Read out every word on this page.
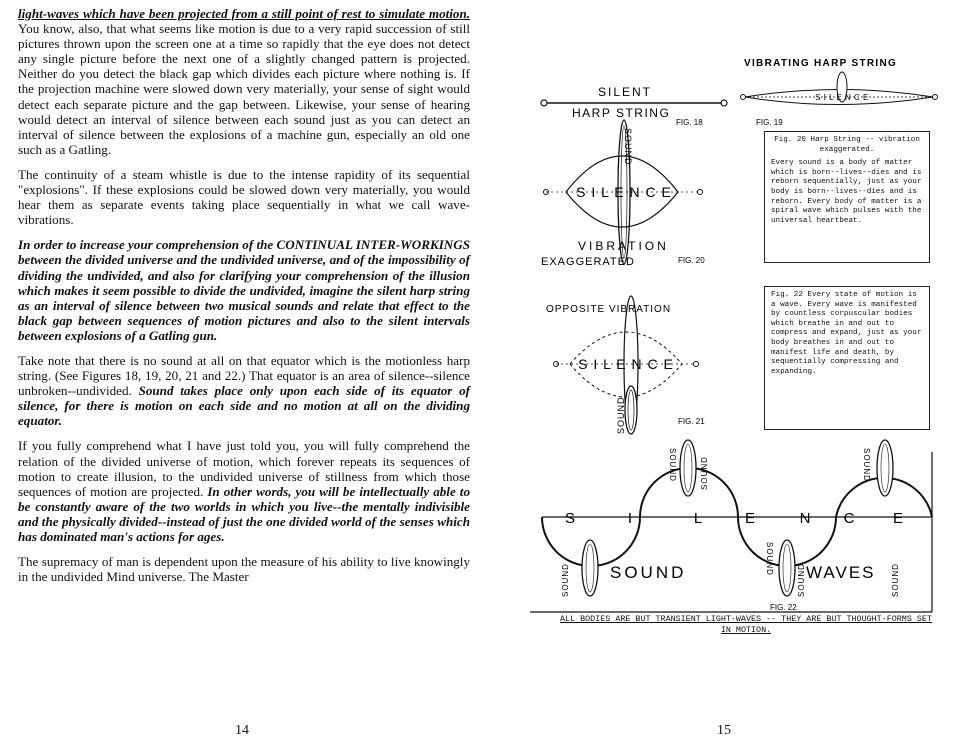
light-waves which have been projected from a still point of rest to simulate motion. You know, also, that what seems like motion is due to a very rapid succession of still pictures thrown upon the screen one at a time so rapidly that the eye does not detect any single picture before the next one of a slightly changed pattern is projected. Neither do you detect the black gap which divides each picture where nothing is. If the projection machine were slowed down very materially, your sense of sight would detect each separate picture and the gap between. Likewise, your sense of hearing would detect an interval of silence between each sound just as you can detect an interval of silence between the explosions of a machine gun, especially an old one such as a Gatling.

The continuity of a steam whistle is due to the intense rapidity of its sequential "explosions". If these explosions could be slowed down very materially, you would hear them as separate events taking place sequentially in what we call wave-vibrations.

In order to increase your comprehension of the CONTINUAL INTER-WORKINGS between the divided universe and the undivided universe, and of the impossibility of dividing the undivided, and also for clarifying your comprehension of the illusion which makes it seem possible to divide the undivided, imagine the silent harp string as an interval of silence between two musical sounds and relate that effect to the black gap between sequences of motion pictures and also to the silent intervals between explosions of a Gatling gun.

Take note that there is no sound at all on that equator which is the motionless harp string. (See Figures 18, 19, 20, 21 and 22.) That equator is an area of silence--silence unbroken--undivided. Sound takes place only upon each side of its equator of silence, for there is motion on each side and no motion at all on the dividing equator.

If you fully comprehend what I have just told you, you will fully comprehend the relation of the divided universe of motion, which forever repeats its sequences of motion to create illusion, to the undivided universe of stillness from which those sequences of motion are projected. In other words, you will be intellectually able to be constantly aware of the two worlds in which you live--the mentally indivisible and the physically divided--instead of just the one divided world of the senses which has dominated man's actions for ages.

The supremacy of man is dependent upon the measure of his ability to live knowingly in the undivided Mind universe. The Master

14
SILENT
HARP STRING
FIG. 18
VIBRATING HARP STRING
S I L E N C E
FIG. 19
S I L E N C E
SOUND
VIBRATION
EXAGGERATED	FIG. 20
OPPOSITE VIBRATION
S I L E N C E
SOUND	FIG. 21
S	I	L	E	N C	E
SOUND	WAVES
SOUND
SOUND	SOUND
SOUND
SOUND
SOUND
SOUND
FIG. 22
Fig. 20 Harp String -- vibration exaggerated.
Every sound is a body of matter which is born--lives--dies and is reborn sequentially, just as your body is born--lives--dies and is reborn. Every body of matter is a spiral wave which pulses with the universal heartbeat.
Fig. 22 Every state of motion is a wave. Every wave is manifested by countless corpuscular bodies which breathe in and out to compress and expand, just as your body breathes in and out to manifest life and death, by sequentially compressing and expanding.
ALL BODIES ARE BUT TRANSIENT LIGHT-WAVES -- THEY ARE BUT THOUGHT-FORMS SET IN MOTION.
15
